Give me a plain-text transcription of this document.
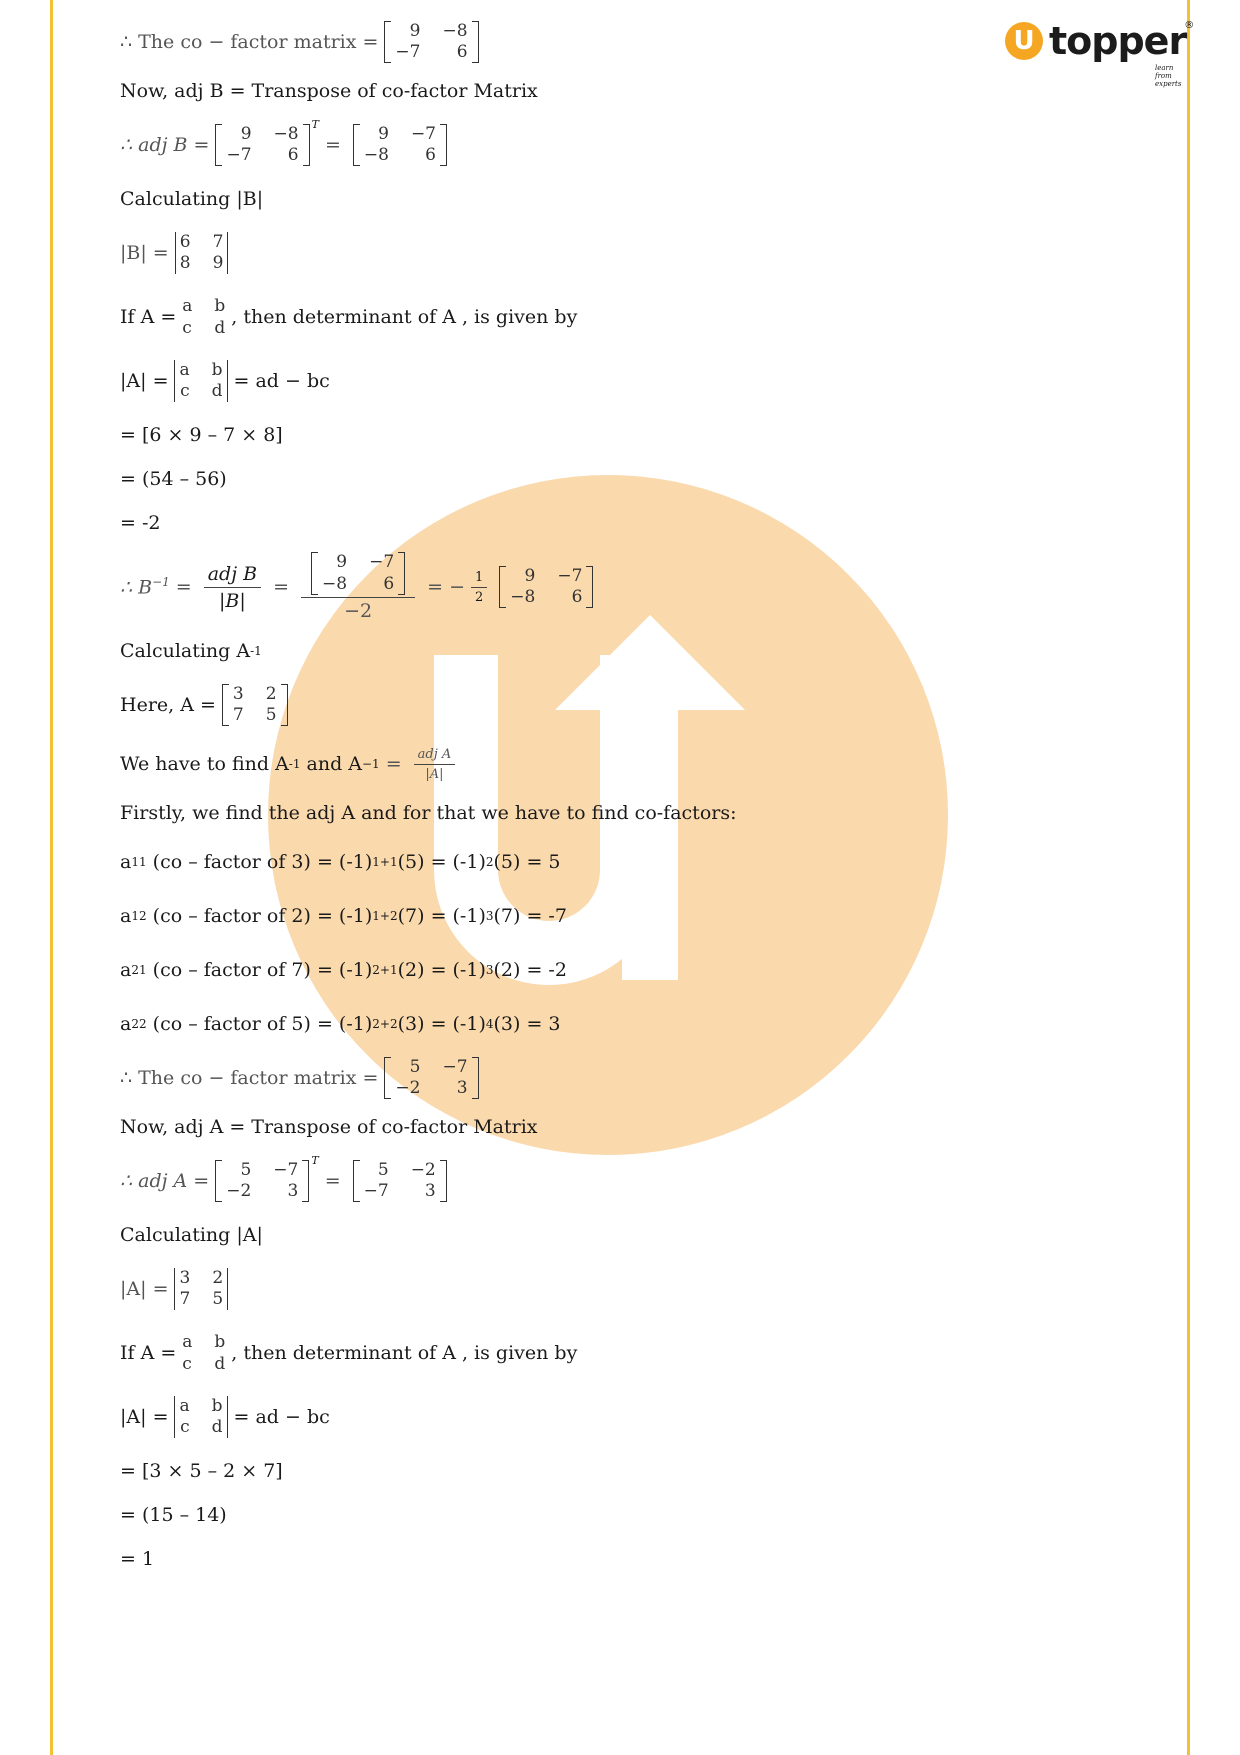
U topper
®
learn from experts
∴ The co − factor matrix =
9 −8
−7	6
Now, adj B = Transpose of co-factor Matrix
∴ adj B =
9 −8
−7	6
T
=
9 −7
−8	6
Calculating |B|
|B| =
6 7
8 9
If A =
a b
c d , then determinant of A , is given by
|A| =
a b
c d = ad − bc
= [6 × 9 – 7 × 8]
= (54 – 56)
= -2
∴ $B^{-1} = \frac{\text{adj B}}{|B|} = 9 -7$
−8	6
−2 = − $\frac{1}{2}$	9 −7
−8	6
Calculating A -1
Here, A =
3 2
7 5
We have to find A -1 and $A -1 = \frac{\text{adj A}}{|A|}$
Firstly, we find the adj A and for that we have to find co-factors:
a 11
(co – factor of 3) = (-1) 1+1 (5) = (-1) 2 (5) = 5
a 12
(co – factor of 2) = (-1) 1+2 (7) = (-1) 3 (7) = -7
a 21
(co – factor of 7) = (-1) 2+1 (2) = (-1) 3 (2) = -2
a 22
(co – factor of 5) = (-1) 2+2 (3) = (-1) 4 (3) = 3
∴ The co − factor matrix =
5 −7
−2	3
Now, adj A = Transpose of co-factor Matrix
∴ adj A =
5 −7
−2	3
T
=
5 −2
−7	3
Calculating |A|
|A| =
3 2
7 5
If A =
a b
c d , then determinant of A , is given by
|A| =
a b
c d = ad − bc
= [3 × 5 – 2 × 7]
= (15 – 14)
= 1
